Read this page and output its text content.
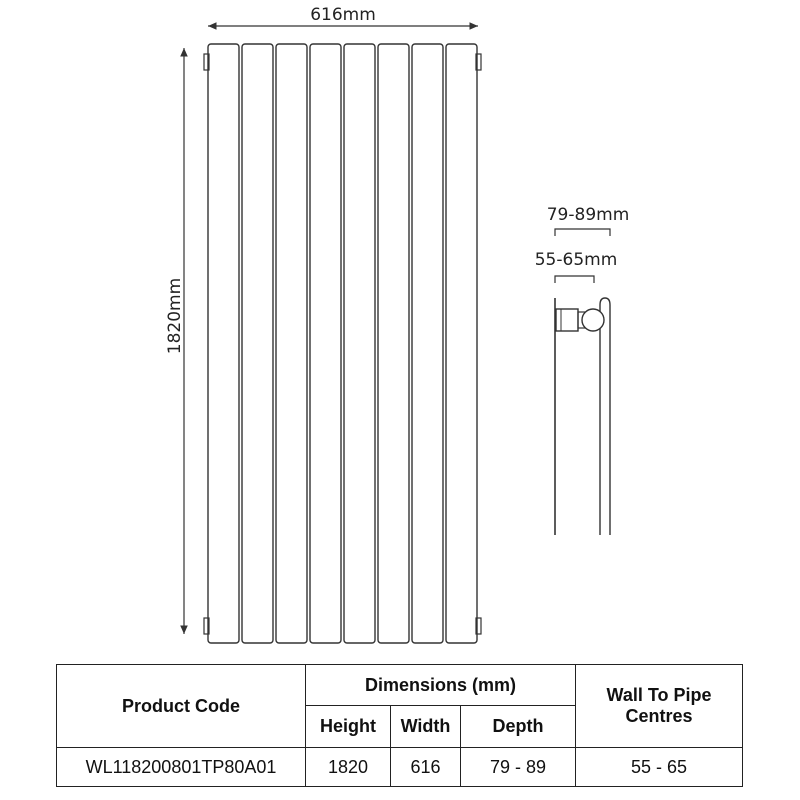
616mm
1820mm
79-89mm
55-65mm
Product Code	Dimensions (mm)			Wall To Pipe
Centres
	Height	Width	Depth	
WL118200801TP80A01	1820	616	79 - 89	55 - 65
